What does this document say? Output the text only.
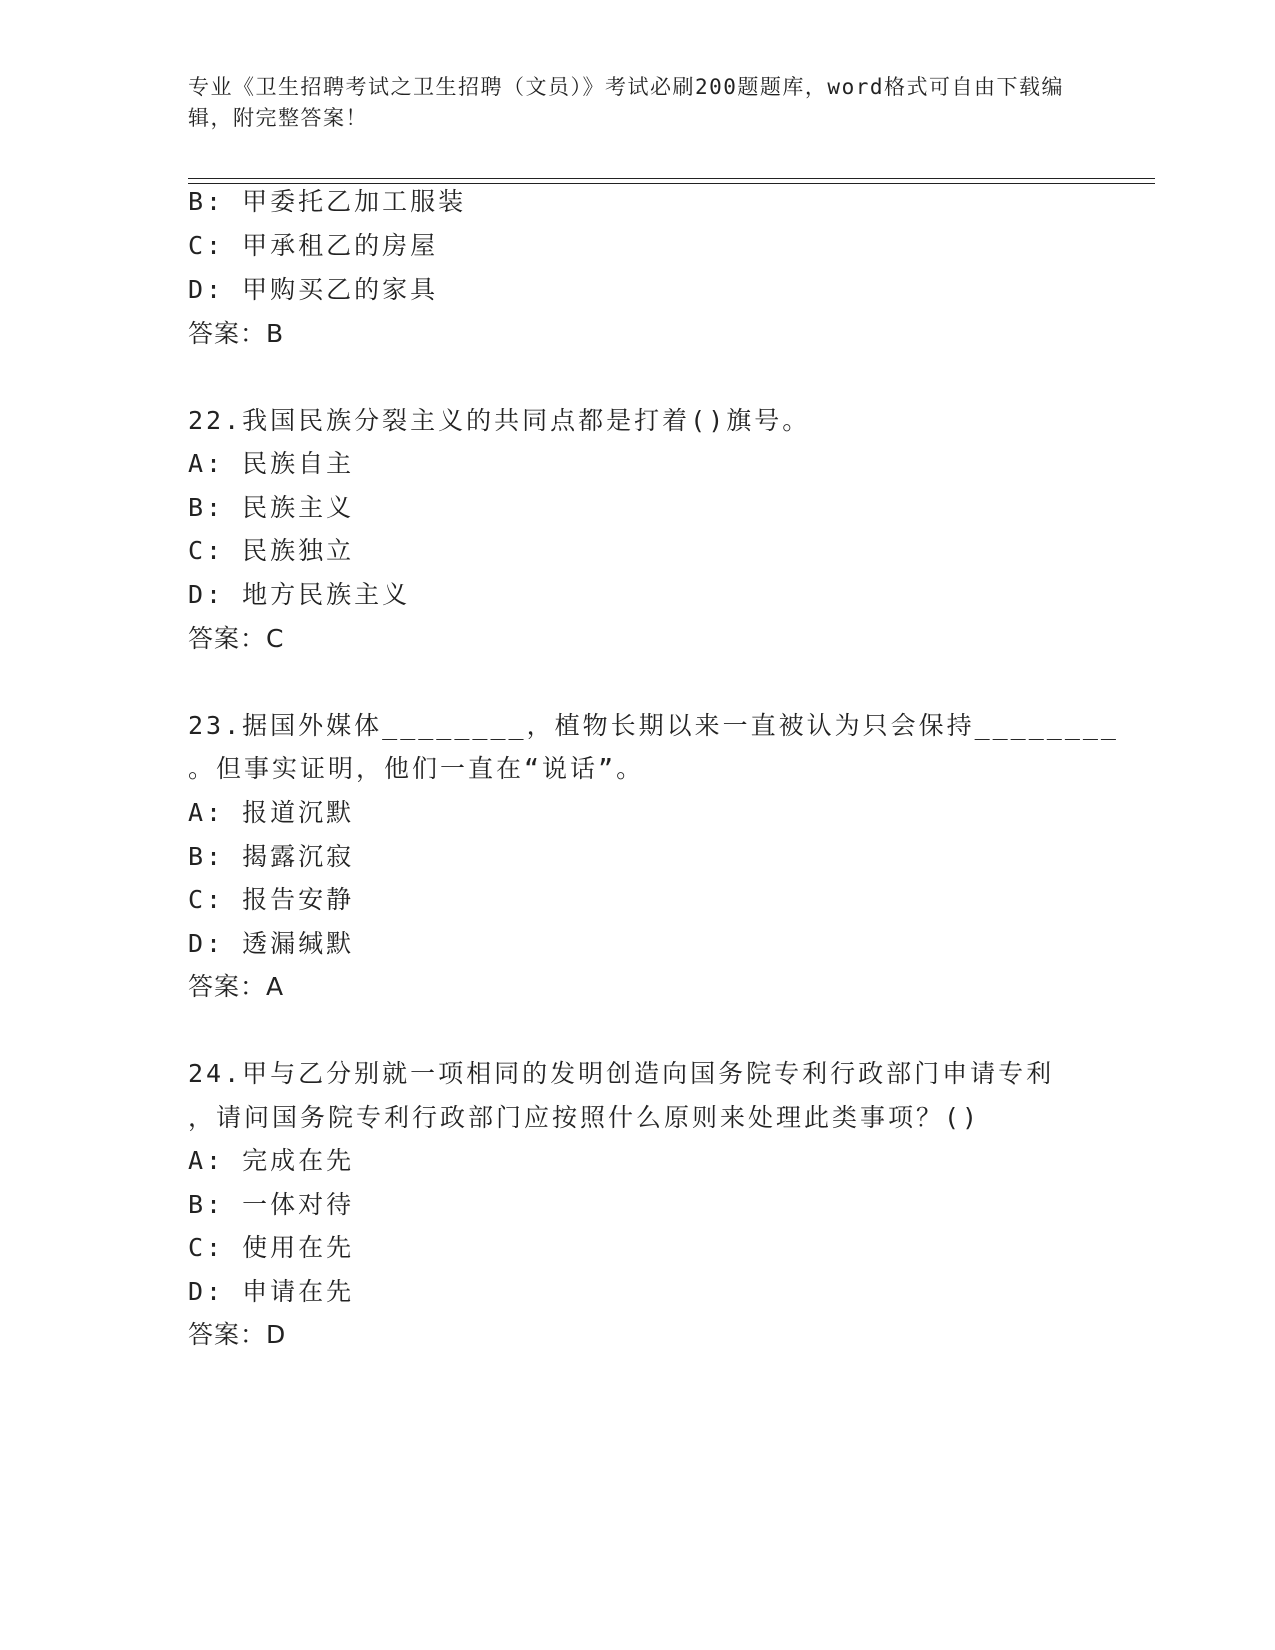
专业《卫生招聘考试之卫生招聘（文员）》考试必刷200题题库，word格式可自由下载编辑，附完整答案！
B: 甲委托乙加工服装
C: 甲承租乙的房屋
D: 甲购买乙的家具
答案：B
22.我国民族分裂主义的共同点都是打着()旗号。
A: 民族自主
B: 民族主义
C: 民族独立
D: 地方民族主义
答案：C
23.据国外媒体________，植物长期以来一直被认为只会保持________
。但事实证明，他们一直在“说话”。
A: 报道沉默
B: 揭露沉寂
C: 报告安静
D: 透漏缄默
答案：A
24.甲与乙分别就一项相同的发明创造向国务院专利行政部门申请专利
，请问国务院专利行政部门应按照什么原则来处理此类事项？()
A: 完成在先
B: 一体对待
C: 使用在先
D: 申请在先
答案：D
